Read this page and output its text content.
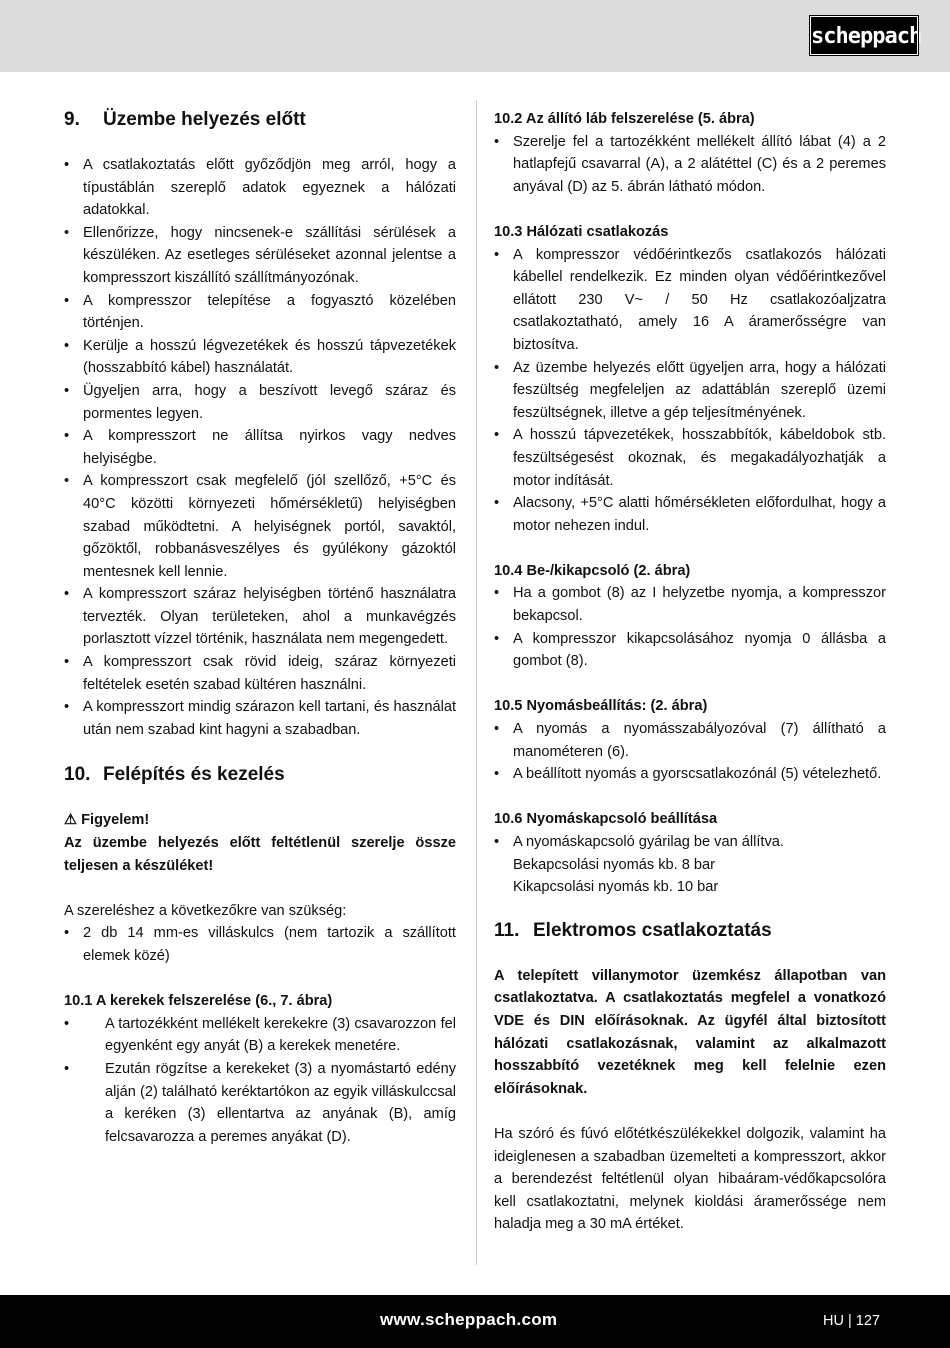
scheppach
9.	Üzembe helyezés előtt
• A csatlakoztatás előtt győződjön meg arról, hogy a típustáblán szereplő adatok egyeznek a hálózati adatokkal.
• Ellenőrizze, hogy nincsenek-e szállítási sérülések a készüléken. Az esetleges sérüléseket azonnal jelentse a kompresszort kiszállító szállítmányozónak.
• A kompresszor telepítése a fogyasztó közelében történjen.
• Kerülje a hosszú légvezetékek és hosszú tápvezetékek (hosszabbító kábel) használatát.
• Ügyeljen arra, hogy a beszívott levegő száraz és pormentes legyen.
• A kompresszort ne állítsa nyirkos vagy nedves helyiségbe.
• A kompresszort csak megfelelő (jól szellőző, +5°C és 40°C közötti környezeti hőmérsékletű) helyiségben szabad működtetni. A helyiségnek portól, savaktól, gőzöktől, robbanásveszélyes és gyúlékony gázoktól mentesnek kell lennie.
• A kompresszort száraz helyiségben történő használatra tervezték. Olyan területeken, ahol a munkavégzés porlasztott vízzel történik, használata nem megengedett.
• A kompresszort csak rövid ideig, száraz környezeti feltételek esetén szabad kültéren használni.
• A kompresszort mindig szárazon kell tartani, és használat után nem szabad kint hagyni a szabadban.
10. Felépítés és kezelés

⚠ Figyelem!

Az üzembe helyezés előtt feltétlenül szerelje össze teljesen a készüléket!

A szereléshez a következőkre van szükség:

• 2 db 14 mm-es villáskulcs (nem tartozik a szállított elemek közé)
10.1 A kerekek felszerelése (6., 7. ábra)
• A tartozékként mellékelt kerekekre (3) csavarozzon fel egyenként egy anyát (B) a kerekek menetére.
• Ezután rögzítse a kerekeket (3) a nyomástartó edény alján (2) található keréktartókon az egyik villáskulccsal a keréken (3) ellentartva az anyának (B), amíg felcsavarozza a peremes anyákat (D).
10.2 Az állító láb felszerelése (5. ábra)
• Szerelje fel a tartozékként mellékelt állító lábat (4) a 2 hatlapfejű csavarral (A), a 2 alátéttel (C) és a 2 peremes anyával (D) az 5. ábrán látható módon.
10.3 Hálózati csatlakozás
• A kompresszor védőérintkezős csatlakozós hálózati kábellel rendelkezik. Ez minden olyan védőérintkezővel ellátott 230 V~ / 50 Hz csatlakozóaljzatra csatlakoztatható, amely 16 A áramerősségre van biztosítva.
• Az üzembe helyezés előtt ügyeljen arra, hogy a hálózati feszültség megfeleljen az adattáblán szereplő üzemi feszültségnek, illetve a gép teljesítményének.
• A hosszú tápvezetékek, hosszabbítók, kábeldobok stb. feszültségesést okoznak, és megakadályozhatják a motor indítását.
• Alacsony, +5°C alatti hőmérsékleten előfordulhat, hogy a motor nehezen indul.
10.4 Be-/kikapcsoló (2. ábra)
• Ha a gombot (8) az I helyzetbe nyomja, a kompresszor bekapcsol.
• A kompresszor kikapcsolásához nyomja 0 állásba a gombot (8).
10.5 Nyomásbeállítás: (2. ábra)
• A nyomás a nyomásszabályozóval (7) állítható a manométeren (6).
• A beállított nyomás a gyorscsatlakozónál (5) vételezhető.
10.6 Nyomáskapcsoló beállítása
• A nyomáskapcsoló gyárilag be van állítva.

Bekapcsolási nyomás kb. 8 bar

Kikapcsolási nyomás kb. 10 bar

11. Elektromos csatlakoztatás

A telepített villanymotor üzemkész állapotban van csatlakoztatva. A csatlakoztatás megfelel a vonatkozó VDE és DIN előírásoknak. Az ügyfél által biztosított hálózati csatlakozásnak, valamint az alkalmazott hosszabbító vezetéknek meg kell felelnie ezen előírásoknak.

Ha szóró és fúvó előtétkészülékekkel dolgozik, valamint ha ideiglenesen a szabadban üzemelteti a kompresszort, akkor a berendezést feltétlenül olyan hibaáram-védőkapcsolóra kell csatlakoztatni, melynek kioldási áramerőssége nem haladja meg a 30 mA értéket.

www.scheppach.com	HU | 127
